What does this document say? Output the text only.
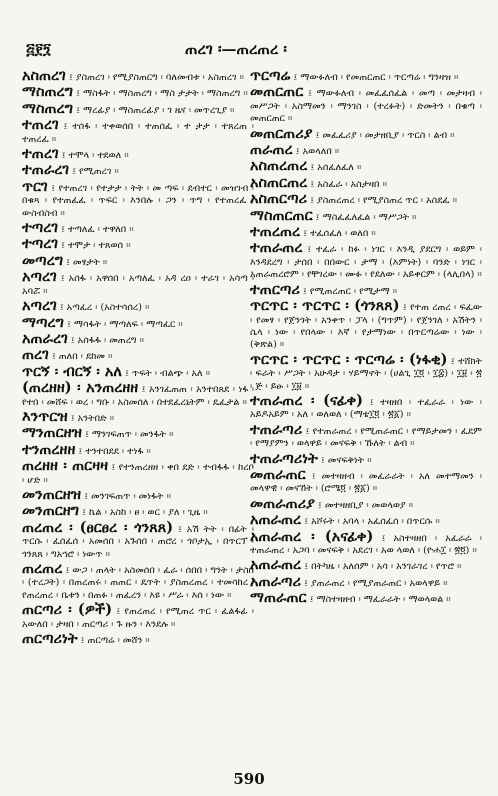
፭፻፺	ጠረገ ፡—ጠረጠረ ፡

አስጠረገ ፤ ያስጠረገ ፡ የሚያስጠርግ ፡ ባለመብቱ ፡ አስጠረገ ።

ማስጠረግ ፤ ማስፋት ፡ ማስጠረግ ፡ ማስ ታታት ፡ ማስጠረግ ።

ማስጠረግ ፤ ማረፊያ ፡ ማስጠረፊያ ፡ ገ ዜና ፡ መጥረጊያ ።

ተጠረገ ፤ ተሰፋ ፡ ተቀወሰበ ፡ ተጠሰፈ ፡ ተ ታታ ፡ ተጸረጠ ፡ ተጠረፈ ።

ተጠረገ ፤ ተሞላ ፡ ተደወለ ።

ተጠራረገ ፤ የሚጠረገ ።

ጥርገ ፤ የተጠረገ ፡ የተታታ ፡ ትት ፡ መ ጣፍ ፡ ደብተር ፡ መዝገብ ፡ በቁጻ ፡ የተጠፈፈ ፡ ጥፍር ፡ እንበሉ ፡ ጋን ፡ ጥግ ፡ የተጠረፈ ፡ ውስብስብ ።

ተጣረገ ፤ ተጣለፈ ፡ ተዋለበ ።

ተጣረገ ፤ ተሞታ ፡ ተጸወሰ ።

መጣረግ ፤ መፃታት ።

አጣረገ ፤ አሰፋ ፡ አዋሰበ ፡ አጣለፈ ፡ አዳ ረዐ ፡ ተራገ ፡ አሳጣ ፡ አባሯ ።

አጣረገ ፤ አጣፈረ ፡ (አስተሳሰረ) ።

ማጣረግ ፤ ማሳፋት ፡ ማጣለፍ ፡ ማጣፈር ።

አጠራረገ ፤ አሰፋፋ ፡ መጠረግ ።

ጠረገ ፤ ጠለበ ፡ ደከመ ።

ጥርኝ ፡ ብርኝ ፡ አለ ፤ ጥፍት ፡ ብልጭ ፡ አለ ።

(ጠረዘዘ) ፡ አንጠረዘዘ ፤ አንገፈጠጠ ፡ አንተበጸደ ፡ ነፋ ፡ የተበ ፡ መሸፍ ፡ ወረ ፡ ግቡ ፡ አስመሰለ ፡ በተደፈረኒትም ፡ ዴፈታል ።

እንጥርዝ ፤ አንትበድ ።

ማንጠርዘዝ ፤ ማንገፍጠጥ ፡ መንፋት ።

ተንጠረዘዘ ፤ ተንተበደደ ፡ ተነፋ ።

ጠረዘዘ ፡ ጠርዛዛ ፤ የተንጠረዘዘ ፡ ቀበ ደድ ፡ ተብፋፋ ፡ ከረቦ ፡ ሆድ ።

መንጠርዘዝ ፤ መንገፍጠጥ ፡ መነፋት ።

መንጠርዘግ ፤ ኬል ፡ አስከ ፡ ፀ ፡ ወር ፡ ያለ ፡ ጊዜ ።

ጠረጠረ ፡ (ፀርፀረ ፡ ጎንጸጸ) ፤ አሽ ትት ፡ በፊት ፡ ጥርሱ ፡ ፈሰፈሰ ፡ አመሰበ ፡ አጉሰበ ፡ ጠሮረ ፡ ጎቦታኢ ፡ በጥርፕ ፡ ጎንጸጸ ፡ ግአኀሮ ፡ ነውጥ ።

ጠረጠረ ፤ ውጋ ፡ ጠላት ፡ አስመሰበ ፡ ፈራ ፡ ሰበበ ፡ ግንት ፡ ታስበ ፡ (ተረጋት) ፡ በጠረጠሩ ፡ ጠጠር ፡ ዴጥት ፡ ያስጠረጠረ ፡ ተመሳከረ ፡ የጠረጠረ ፡ ቤቱን ፡ በጠፉ ፡ ጠፈረን ፡ እዩ ፡ ሥራ ፡ እሰ ፡ ነው ።

ጠርጣሪ ፡ (ዎች) ፤ የጠረጠረ ፡ የሚጠረ ጥር ፡ ፈልፋፊ ፡ አውለበ ፡ ታዛበ ፡ ጠርጣሪ ፡ ጉ ዙን ፡ እንደሉ ።

ጠርጣሪነት ፤ ጠርጣሬ ፡ መሸን ።

ጥርጣሬ ፤ ማውፉለብ ፡ የመጠርጠር ፡ ጥርጣሬ ፡ ግንዛዝ ።

መጠርጠር ፤ ማውፉለብ ፡ መፈፈሰፈል ፡ መጣ ፡ መታዛብ ፡ መሥጋት ፡ አስማመን ፡ ማንገስ ፡ (ተረፉት) ፡ ድመትን ፡ በቁጣ ፡ መጠርጠር ።

መጠርጠሪያ ፤ መፈፈሪያ ፡ መታዘቢያ ፡ ጥርስ ፡ ልብ ።

ጠራጠረ ፤ አወላለበ ።

አስጠረጠረ ፤ አሰፈለፈለ ።

አስጠርጠረ ፤ አስፈራ ፡ አስታዛበ ።

አስጠርጣሪ ፤ ያስጠረጠረ ፡ የሚያስጠረ ጥር ፡ አስደፈ ።

ማስጠርጠር ፤ ማስፈፈለፈል ፡ ማሥጋት ።

ተጠረጠረ ፤ ተፈሰፈለ ፡ ወለበ ።

ተጠራጠረ ፤ ተፈራ ፡ ከፉ ፡ ነገር ፡ እንዲ ያደርግ ፡ ወይም ፡ እንዳደረግ ፡ ታሰበ ፡ በበውር ፡ ታማ ፡ (እምነት) ፡ ባንድ ፡ ነገር ፡ አጠራጠረሮም ፡ የቸገረው ፡ ሙፉ ፡ የደለው ፡ አይቀርም ፡ (ላሊበላ) ።

ተጠርጣሪ ፤ የሚጠረጠር ፡ የሚታማ ።

ጥርጥር ፡ ጥርጥር ፡ (ጎንጸጸ) ፤ የተጠ ረጠረ ፡ ፍፈው ፡ የመፃ ፡ የጀንጎት ፡ አንቀጥ ፡ ፓላ ፡ (ግጥም) ፡ የጀንገለ ፡ አሽትን ፡ ሴላ ፡ ነው ፡ የበላው ፡ እኛ ፡ የታማነው ፡ በጥርጣሬው ፡ ነው ፡ (ቅጽል) ።

ጥርጥር ፡ ጥርጥር ፡ ጥርጣሬ ፡ (ነፋቂ) ፤ ተሸክት ፡ ፍራት ፡ ሥጋት ፡ አሁዳታ ፡ ሃይማኖት ፡ (ሀልጊ ፲፬ ፡ ፲፰) ፡ ፲፱ ፡ ፳ ፡ ጅ ፡ ይፁ ፡ ፲፱ ።

ተጠራጠረ ፡ (ናፊቀ) ፤ ተዛዘበ ፡ ተፈራራ ፡ ነው ፡ አይዶአይም ፡ አለ ፡ ወለወለ ፡ (ማቴ፲፬ ፡ ፳፩) ።

ተጠራጣሪ ፤ የተጠራጠረ ፡ የሚጠራጠር ፡ የማይታመን ፡ ፈደም ፡ የማያምን ፡ ወላዋይ ፡ መናፍቅ ፡ ኹለት ፡ ልብ ።

ተጠራጣሪነት ፤ መናፍቅነት ።

መጠራጠር ፤ መተዛዘብ ፡ መፈራራት ፡ አለ መተማመን ፡ መላዋዊ ፡ መናኸት ፡ (ሮሜ፬ ፡ ፳፩) ።

መጠራጠሪያ ፤ መተዛዘቢያ ፡ መወላወያ ።

አጠራጠረ ፤ አሾሩት ፡ አባላ ፡ አፈሰፈሰ ፡ በጥርሱ ።

አጠራጠረ ፡ (አናፊቀ) ፤ አስተዛዘበ ፡ አፈራራ ፡ ተጠራጠረ ፡ አጋባ ፡ መናፍቅ ፡ አደረገ ፡ አወ ላወለ ፡ (ዮሐ፲ ፡ ፳፬) ።

አጠራጠረ ፤ በትካዜ ፡ አለሰም ፡ አሳ ፡ አንገራገረ ፡ የጥሮ ።

አጠራጣሪ ፤ ያጠራጠረ ፡ የሚያጠራጠር ፡ አወላዋይ ።

ማጠራጠር ፤ ማስተዛዘብ ፡ ማፈራራት ፡ ማወላወል ።

590
